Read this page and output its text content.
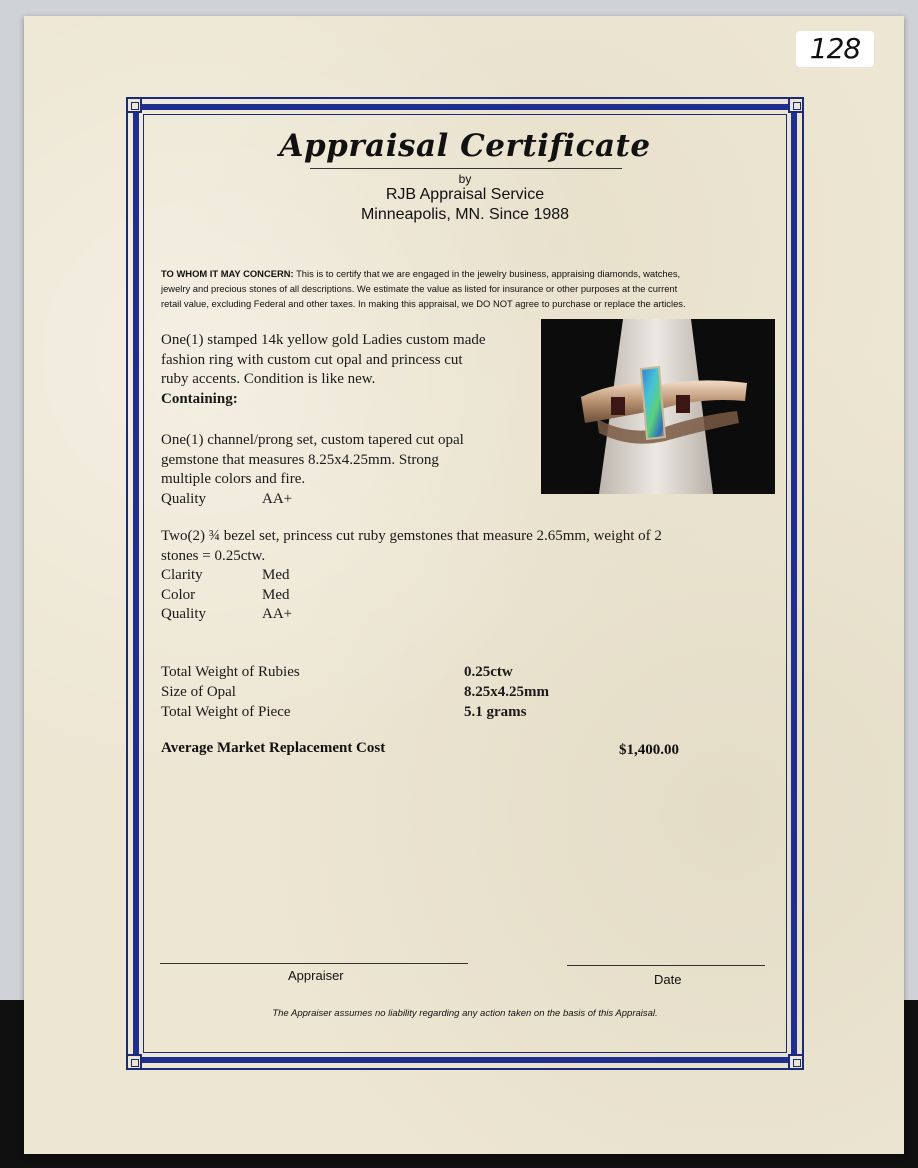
128
Appraisal Certificate
by
RJB Appraisal Service
Minneapolis, MN. Since 1988
TO WHOM IT MAY CONCERN: This is to certify that we are engaged in the jewelry business, appraising diamonds, watches,
jewelry and precious stones of all descriptions. We estimate the value as listed for insurance or other purposes at the current
retail value, excluding Federal and other taxes. In making this appraisal, we DO NOT agree to purchase or replace the articles.
One(1) stamped 14k yellow gold Ladies custom made
fashion ring with custom cut opal and princess cut
ruby accents. Condition is like new.
Containing:
One(1) channel/prong set, custom tapered cut opal
gemstone that measures 8.25x4.25mm. Strong
multiple colors and fire.
Quality	AA+
Two(2) ¾ bezel set, princess cut ruby gemstones that measure 2.65mm, weight of 2
stones = 0.25ctw.
Clarity	Med
Color	Med
Quality	AA+
Total Weight of Rubies	0.25ctw
Size of Opal	8.25x4.25mm
Total Weight of Piece	5.1 grams
Average Market Replacement Cost	$1,400.00
Appraiser	Date
The Appraiser assumes no liability regarding any action taken on the basis of this Appraisal.
